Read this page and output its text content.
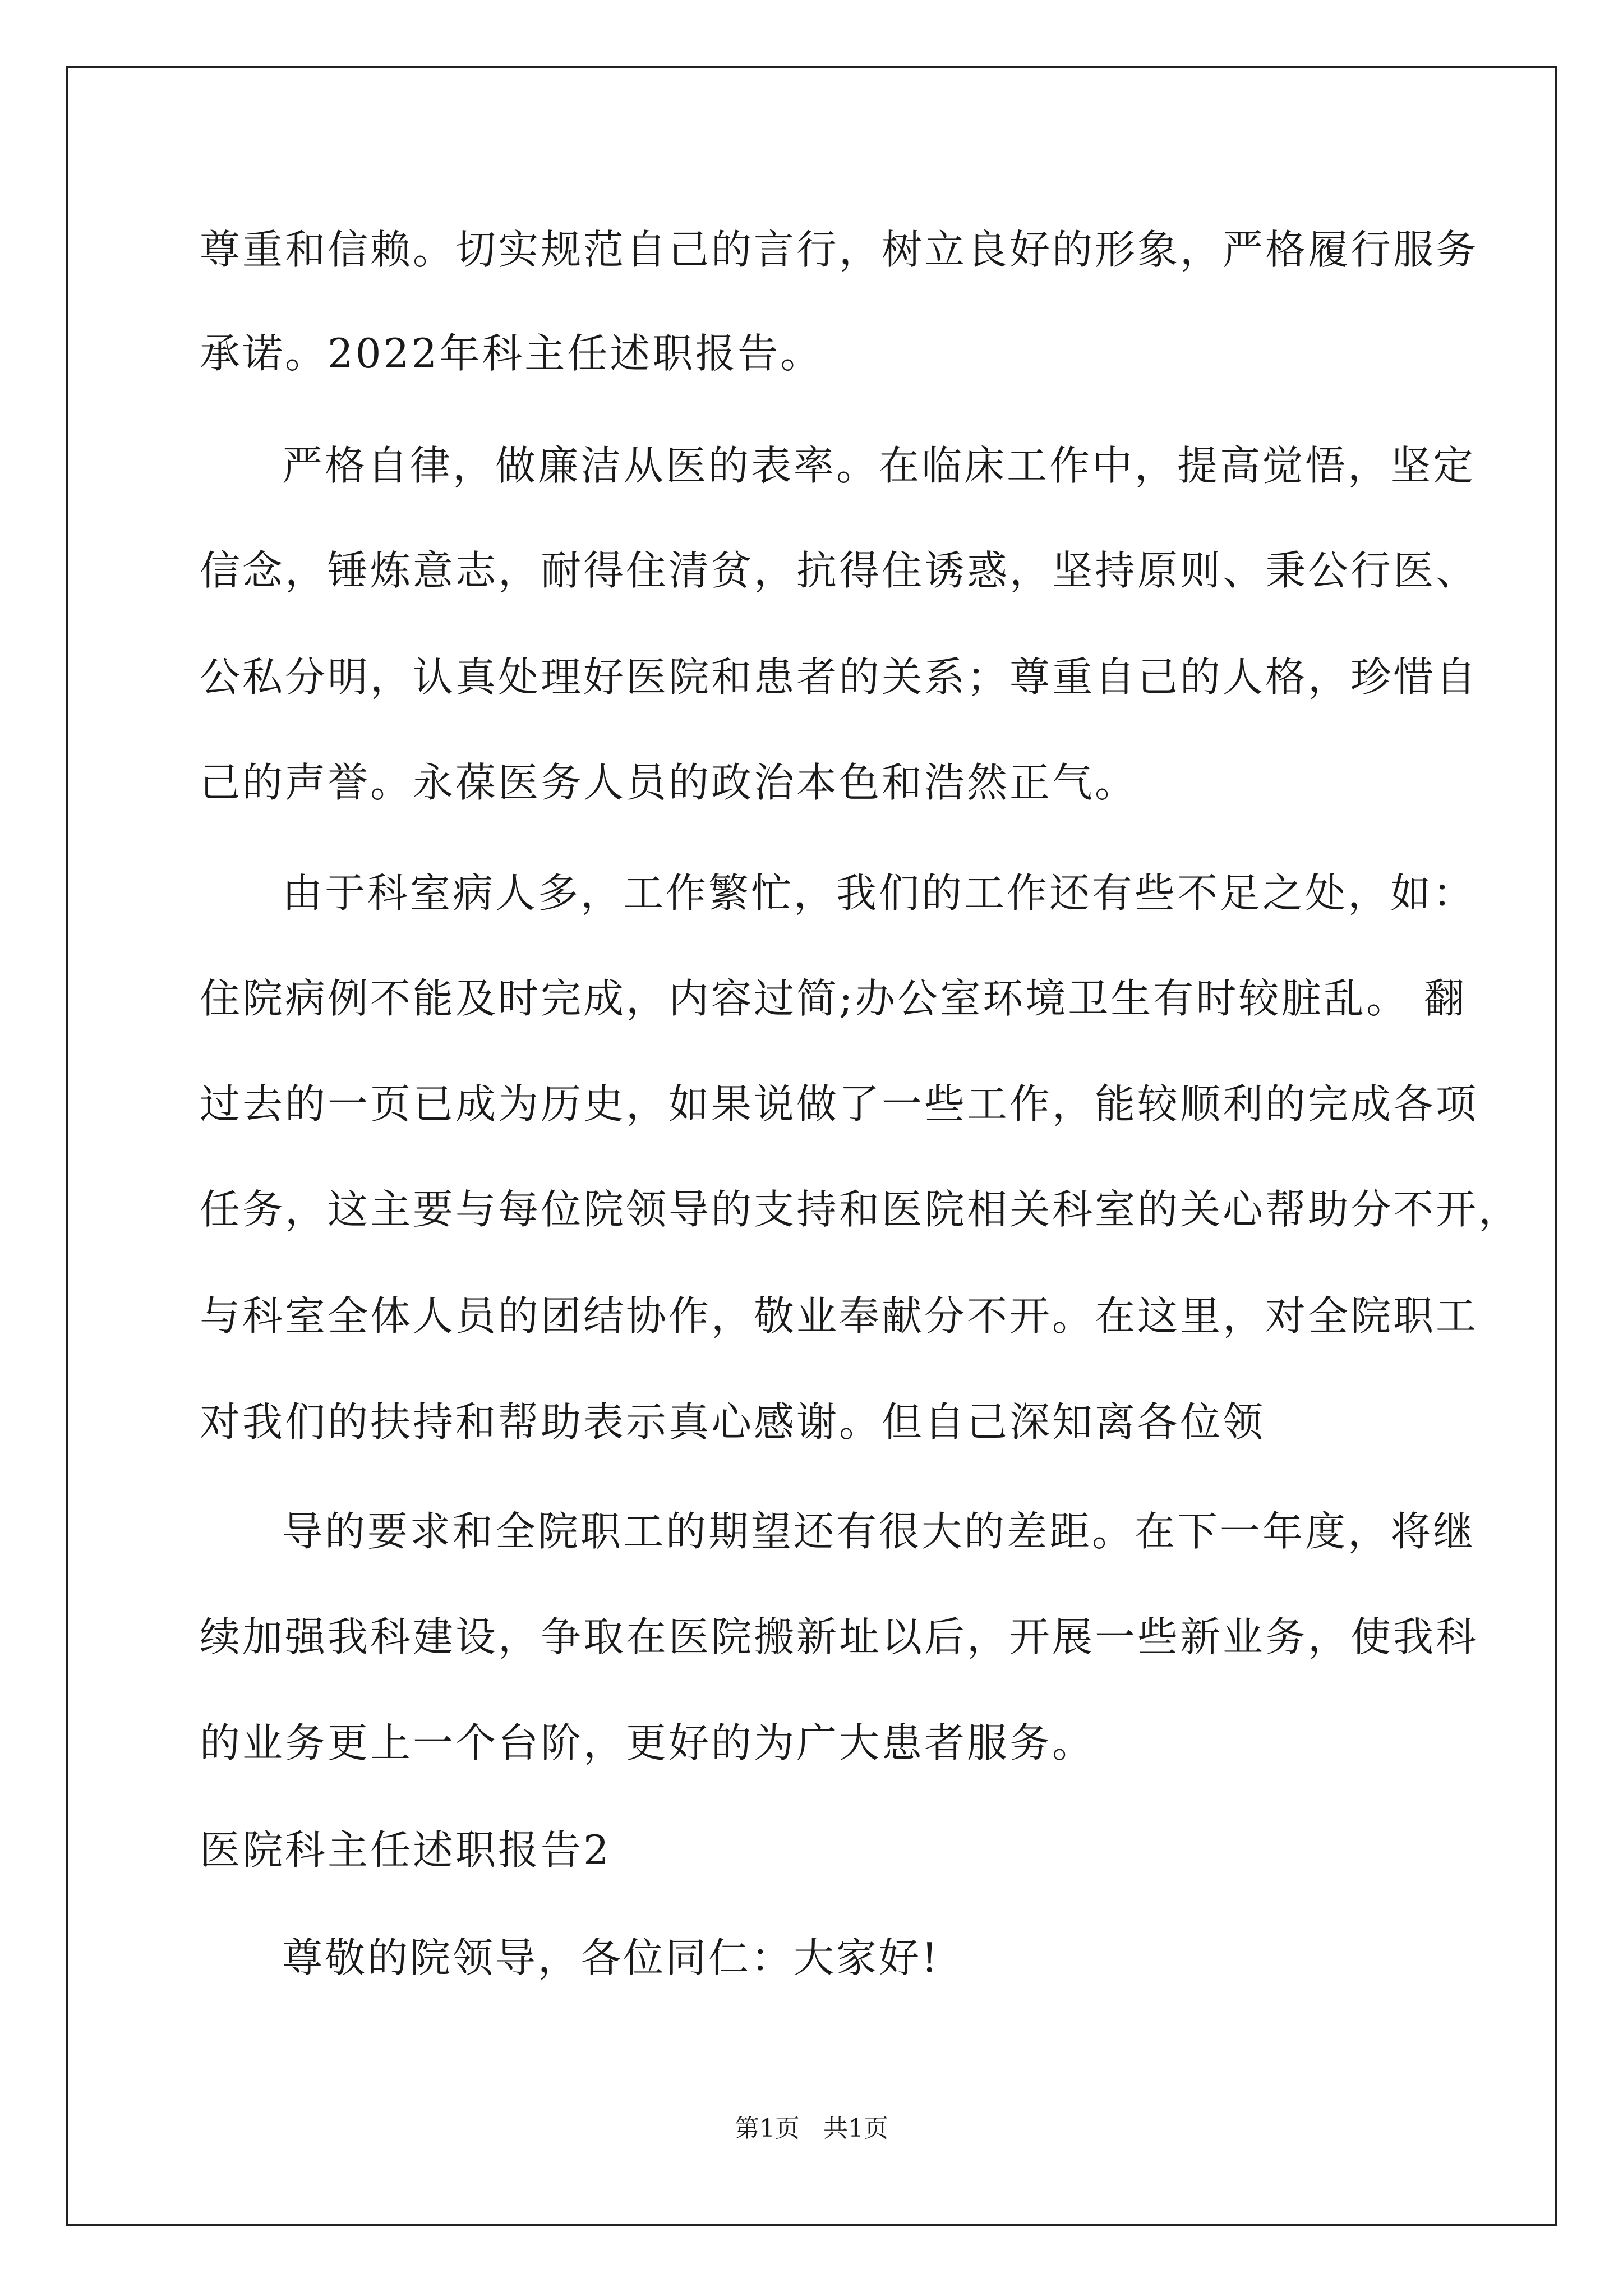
尊重和信赖。切实规范自己的言行，树立良好的形象，严格履行服务
承诺。2022年科主任述职报告。
严格自律，做廉洁从医的表率。在临床工作中，提高觉悟，坚定
信念，锤炼意志，耐得住清贫，抗得住诱惑，坚持原则、秉公行医、
公私分明，认真处理好医院和患者的关系；尊重自己的人格，珍惜自
己的声誉。永葆医务人员的政治本色和浩然正气。
由于科室病人多，工作繁忙，我们的工作还有些不足之处，如：
住院病例不能及时完成，内容过简;办公室环境卫生有时较脏乱。 翻
过去的一页已成为历史，如果说做了一些工作，能较顺利的完成各项
任务，这主要与每位院领导的支持和医院相关科室的关心帮助分不开，
与科室全体人员的团结协作，敬业奉献分不开。在这里，对全院职工
对我们的扶持和帮助表示真心感谢。但自己深知离各位领
导的要求和全院职工的期望还有很大的差距。在下一年度，将继
续加强我科建设，争取在医院搬新址以后，开展一些新业务，使我科
的业务更上一个台阶，更好的为广大患者服务。
医院科主任述职报告2
尊敬的院领导，各位同仁：大家好!
第1页   共1页
